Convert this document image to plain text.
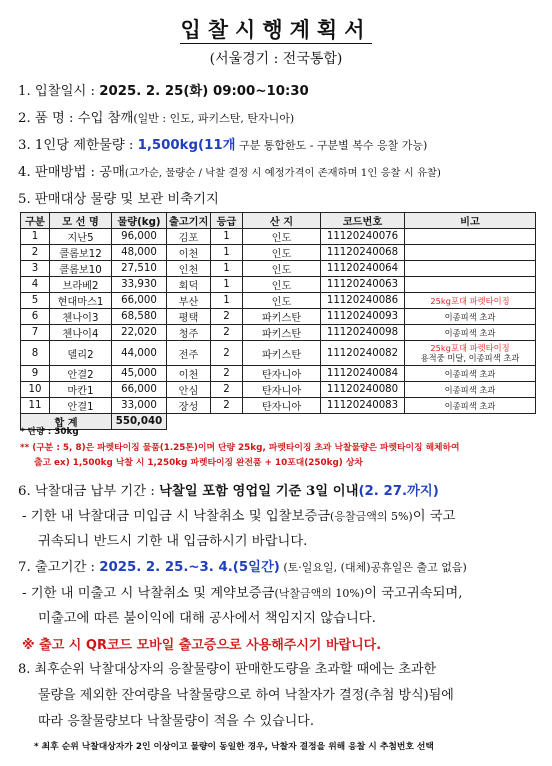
입찰시행계획서
(서울경기 : 전국통합)
1. 입찰일시 : 2025. 2. 25(화) 09:00~10:30
2. 품 명 : 수입 참깨(일반 : 인도, 파키스탄, 탄자니아)
3. 1인당 제한물량 : 1,500kg(11개 구분 통합한도 - 구분별 복수 응찰 가능)
4. 판매방법 : 공매(고가순, 물량순 / 낙찰 결정 시 예정가격이 존재하며 1인 응찰 시 유찰)
5. 판매대상 물량 및 보관 비축기지
구분	모 선 명	물량(kg)	출고기지	등급	산 지	코드번호	비고
1	지난5	96,000	김포	1	인도	11120240076	
2	콜롬보12	48,000	이천	1	인도	11120240068	
3	콜롬보10	27,510	인천	1	인도	11120240064	
4	브라베2	33,930	회덕	1	인도	11120240063	
5	현대마스1	66,000	부산	1	인도	11120240086	25kg포대 파렛타이징

6	첸나이3	68,580	평택	2	파키스탄	11120240093	이종피색 초과

7	첸나이4	22,020	청주	2	파키스탄	11120240098	이종피색 초과

8	델리2	44,000	전주	2	파키스탄	11120240082	25kg포대 파렛타이징
용적중 미달, 이종피색 초과

9	안결2	45,000	이천	2	탄자니아	11120240084	이종피색 초과

10	마칸1	66,000	안심	2	탄자니아	11120240080	이종피색 초과

11	안결1	33,000	장성	2	탄자니아	11120240083	이종피색 초과

합 계		550,040					
* 단량 : 30kg
** (구분 : 5, 8)은 파렛타이징 물품(1.25톤)이며 단량 25kg, 파렛타이징 초과 낙찰물량은 파렛타이징 해체하여
출고 ex) 1,500kg 낙찰 시 1,250kg 파렛타이징 완전품 + 10포대(250kg) 상차
6. 낙찰대금 납부 기간 : 낙찰일 포함 영업일 기준 3일 이내(2. 27.까지)
- 기한 내 낙찰대금 미입금 시 낙찰취소 및 입찰보증금(응찰금액의 5%)이 국고
귀속되니 반드시 기한 내 입금하시기 바랍니다.
7. 출고기간 : 2025. 2. 25.~3. 4.(5일간) (토·일요일, (대체)공휴일은 출고 없음)
- 기한 내 미출고 시 낙찰취소 및 계약보증금(낙찰금액의 10%)이 국고귀속되며,
미출고에 따른 불이익에 대해 공사에서 책임지지 않습니다.
※ 출고 시 QR코드 모바일 출고증으로 사용해주시기 바랍니다.
8. 최후순위 낙찰대상자의 응찰물량이 판매한도량을 초과할 때에는 초과한
물량을 제외한 잔여량을 낙찰물량으로 하여 낙찰자가 결정(추첨 방식)됨에
따라 응찰물량보다 낙찰물량이 적을 수 있습니다.
* 최후 순위 낙찰대상자가 2인 이상이고 물량이 동일한 경우, 낙찰자 결정을 위해 응찰 시 추첨번호 선택
